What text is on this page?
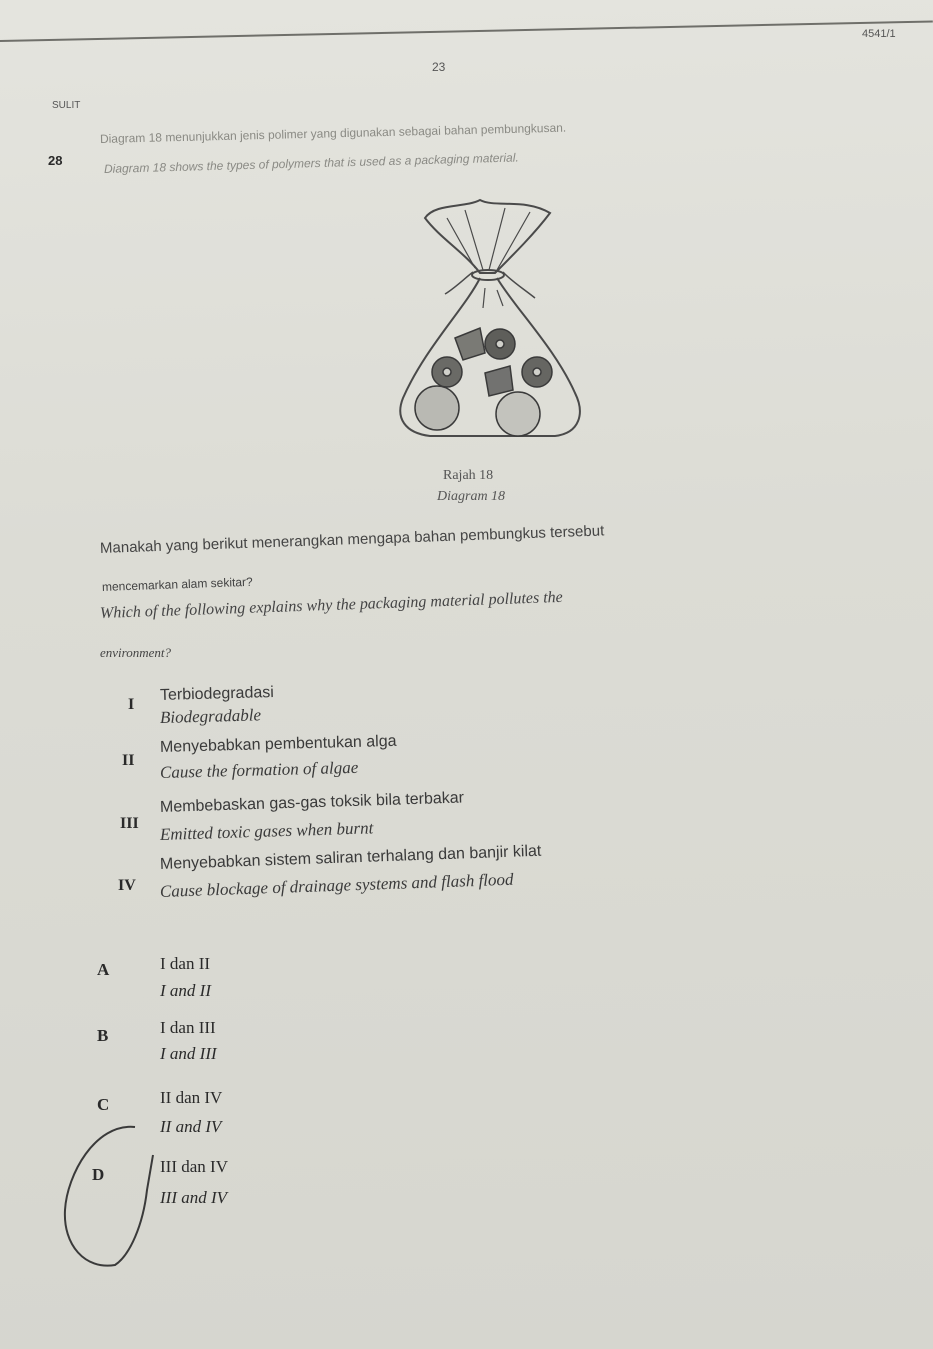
4541/1
23
SULIT
28
Diagram 18 menunjukkan jenis polimer yang digunakan sebagai bahan pembungkusan.
Diagram 18 shows the types of polymers that is used as a packaging material.
Rajah 18
Diagram 18
Manakah yang berikut menerangkan mengapa bahan pembungkus tersebut
mencemarkan alam sekitar?
Which of the following explains why the packaging material pollutes the
environment?
I
Terbiodegradasi
Biodegradable
II
Menyebabkan pembentukan alga
Cause the formation of algae
III
Membebaskan gas-gas toksik bila terbakar
Emitted toxic gases when burnt
IV
Menyebabkan sistem saliran terhalang dan banjir kilat
Cause blockage of drainage systems and flash flood
A	I dan II
I and II
B	I dan III
I and III
C	II dan IV
II and IV
D	III dan IV
III and IV
